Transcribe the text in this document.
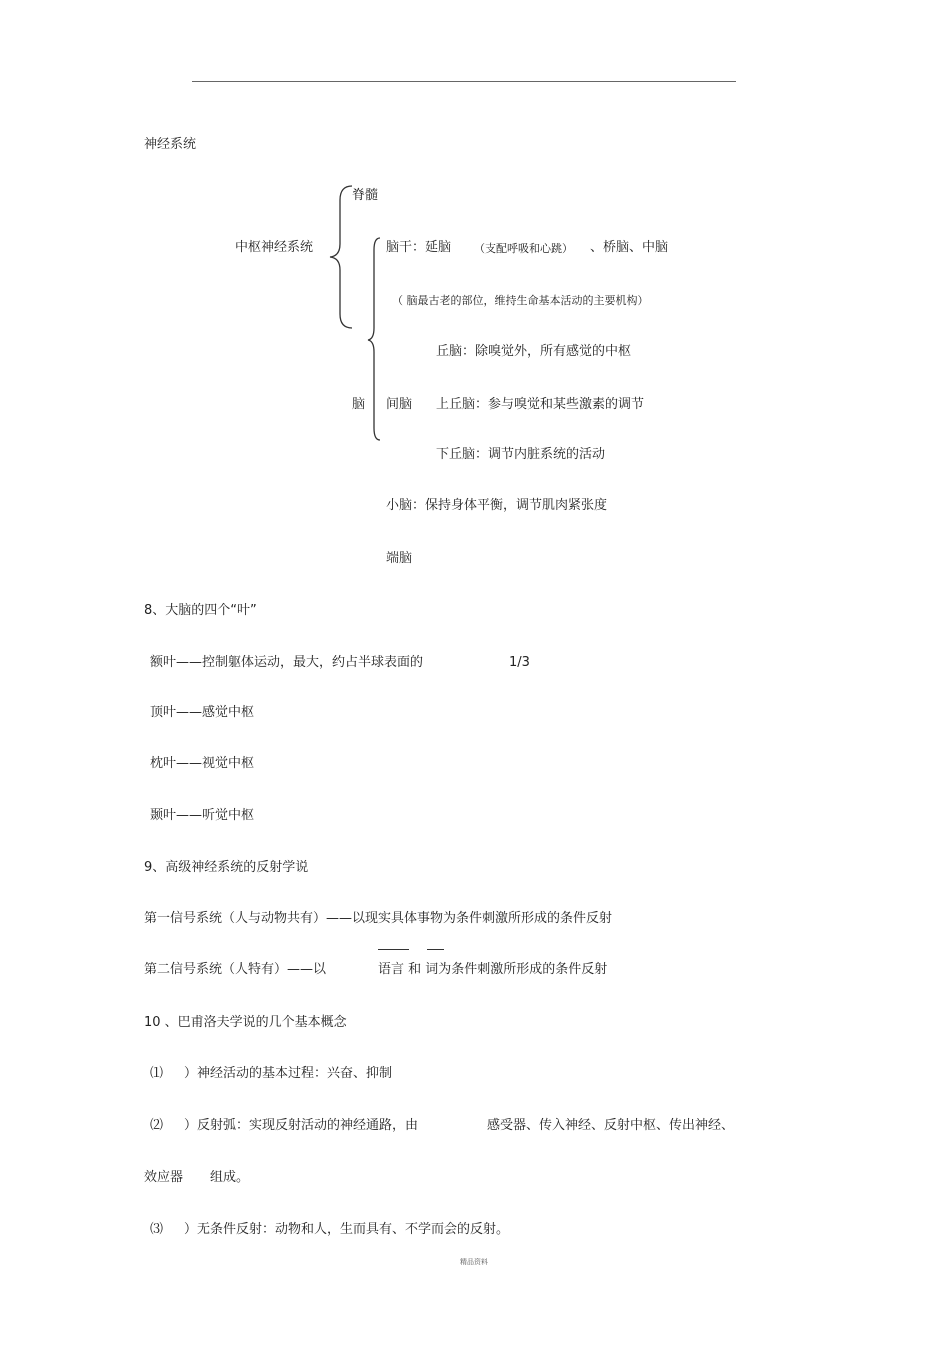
神经系统
中枢神经系统
脊髓
脑
脑干：延脑 （支配呼吸和心跳） 、桥脑、中脑
（ 脑最古老的部位，维持生命基本活动的主要机构）
丘脑：除嗅觉外，所有感觉的中枢
间脑 上丘脑：参与嗅觉和某些激素的调节
下丘脑：调节内脏系统的活动
小脑：保持身体平衡，调节肌肉紧张度
端脑
8、大脑的四个“叶”
额叶——控制躯体运动，最大，约占半球表面的	1/3
顶叶——感觉中枢
枕叶——视觉中枢
颞叶——听觉中枢
9、高级神经系统的反射学说
第一信号系统（人与动物共有）——以现实具体事物为条件刺激所形成的条件反射
第二信号系统（人特有）——以	语言 和 词为条件刺激所形成的条件反射
10 、巴甫洛夫学说的几个基本概念
⑴ ）神经活动的基本过程：兴奋、抑制
⑵ ）反射弧：实现反射活动的神经通路，由	感受器、传入神经、反射中枢、传出神经、
效应器 组成。
⑶ ）无条件反射：动物和人，生而具有、不学而会的反射。
精品资料
